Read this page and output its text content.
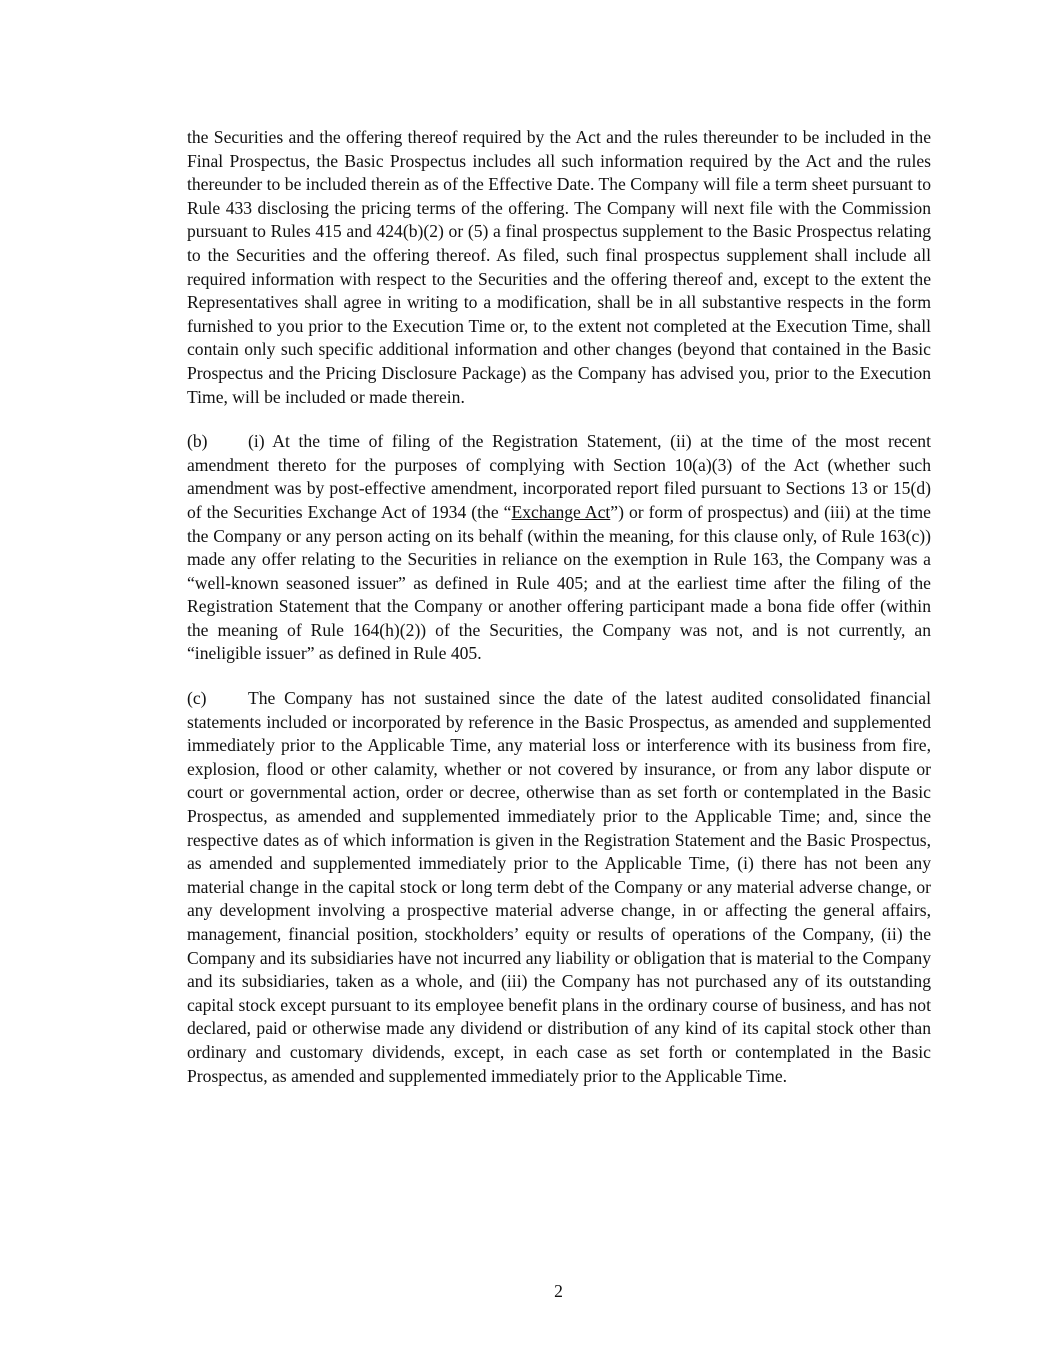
the Securities and the offering thereof required by the Act and the rules thereunder to be included in the Final Prospectus, the Basic Prospectus includes all such information required by the Act and the rules thereunder to be included therein as of the Effective Date. The Company will file a term sheet pursuant to Rule 433 disclosing the pricing terms of the offering. The Company will next file with the Commission pursuant to Rules 415 and 424(b)(2) or (5) a final prospectus supplement to the Basic Prospectus relating to the Securities and the offering thereof. As filed, such final prospectus supplement shall include all required information with respect to the Securities and the offering thereof and, except to the extent the Representatives shall agree in writing to a modification, shall be in all substantive respects in the form furnished to you prior to the Execution Time or, to the extent not completed at the Execution Time, shall contain only such specific additional information and other changes (beyond that contained in the Basic Prospectus and the Pricing Disclosure Package) as the Company has advised you, prior to the Execution Time, will be included or made therein.

(b) (i) At the time of filing of the Registration Statement, (ii) at the time of the most recent amendment thereto for the purposes of complying with Section 10(a)(3) of the Act (whether such amendment was by post-effective amendment, incorporated report filed pursuant to Sections 13 or 15(d) of the Securities Exchange Act of 1934 (the “Exchange Act”) or form of prospectus) and (iii) at the time the Company or any person acting on its behalf (within the meaning, for this clause only, of Rule 163(c)) made any offer relating to the Securities in reliance on the exemption in Rule 163, the Company was a “well-known seasoned issuer” as defined in Rule 405; and at the earliest time after the filing of the Registration Statement that the Company or another offering participant made a bona fide offer (within the meaning of Rule 164(h)(2)) of the Securities, the Company was not, and is not currently, an “ineligible issuer” as defined in Rule 405.

(c) The Company has not sustained since the date of the latest audited consolidated financial statements included or incorporated by reference in the Basic Prospectus, as amended and supplemented immediately prior to the Applicable Time, any material loss or interference with its business from fire, explosion, flood or other calamity, whether or not covered by insurance, or from any labor dispute or court or governmental action, order or decree, otherwise than as set forth or contemplated in the Basic Prospectus, as amended and supplemented immediately prior to the Applicable Time; and, since the respective dates as of which information is given in the Registration Statement and the Basic Prospectus, as amended and supplemented immediately prior to the Applicable Time, (i) there has not been any material change in the capital stock or long term debt of the Company or any material adverse change, or any development involving a prospective material adverse change, in or affecting the general affairs, management, financial position, stockholders’ equity or results of operations of the Company, (ii) the Company and its subsidiaries have not incurred any liability or obligation that is material to the Company and its subsidiaries, taken as a whole, and (iii) the Company has not purchased any of its outstanding capital stock except pursuant to its employee benefit plans in the ordinary course of business, and has not declared, paid or otherwise made any dividend or distribution of any kind of its capital stock other than ordinary and customary dividends, except, in each case as set forth or contemplated in the Basic Prospectus, as amended and supplemented immediately prior to the Applicable Time.

2
